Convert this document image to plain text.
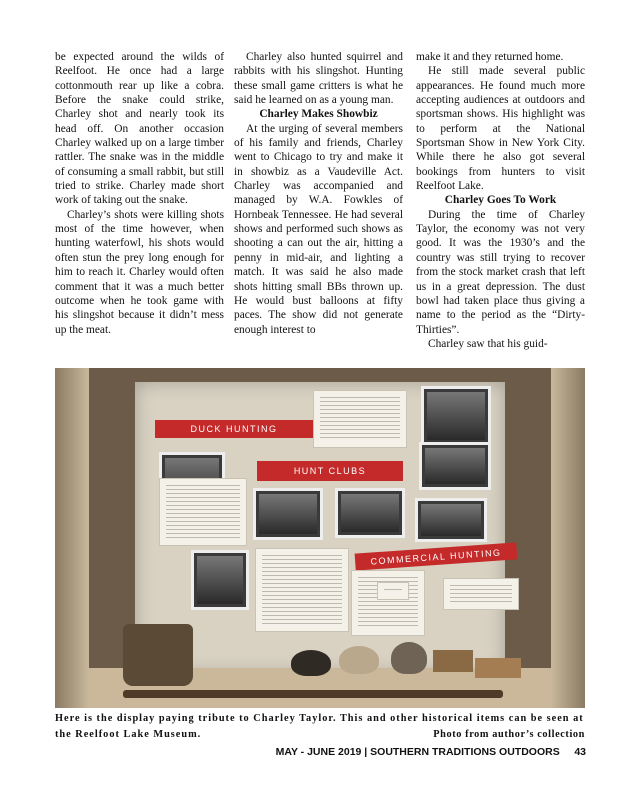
be expected around the wilds of Reelfoot. He once had a large cottonmouth rear up like a cobra. Before the snake could strike, Charley shot and nearly took its head off. On another occasion Charley walked up on a large timber rattler. The snake was in the middle of consuming a small rabbit, but still tried to strike. Charley made short work of taking out the snake.

Charley’s shots were killing shots most of the time however, when hunting waterfowl, his shots would often stun the prey long enough for him to reach it. Charley would often comment that it was a much better outcome when he took game with his slingshot because it didn’t mess up the meat.

Charley also hunted squirrel and rabbits with his slingshot. Hunting these small game critters is what he said he learned on as a young man.

Charley Makes Showbiz

At the urging of several members of his family and friends, Charley went to Chicago to try and make it in showbiz as a Vaudeville Act. Charley was accompanied and managed by W.A. Fowkles of Hornbeak Tennessee. He had several shows and performed such shows as shooting a can out the air, hitting a penny in mid-air, and lighting a match. It was said he also made shots hitting small BBs thrown up. He would bust balloons at fifty paces. The show did not generate enough interest to

make it and they returned home.

He still made several public appearances. He found much more accepting audiences at outdoors and sportsman shows. His highlight was to perform at the National Sportsman Show in New York City. While there he also got several bookings from hunters to visit Reelfoot Lake.

Charley Goes To Work

During the time of Charley Taylor, the economy was not very good. It was the 1930’s and the country was still trying to recover from the stock market crash that left us in a great depression. The dust bowl had taken place thus giving a name to the period as the “Dirty-Thirties”.

Charley saw that his guid-

DUCK HUNTING
HUNT CLUBS
COMMERCIAL HUNTING
Here is the display paying tribute to Charley Taylor. This and other historical items can be seen at the Reelfoot Lake Museum.	Photo from author’s collection
MAY - JUNE 2019 | SOUTHERN TRADITIONS OUTDOORS     43
